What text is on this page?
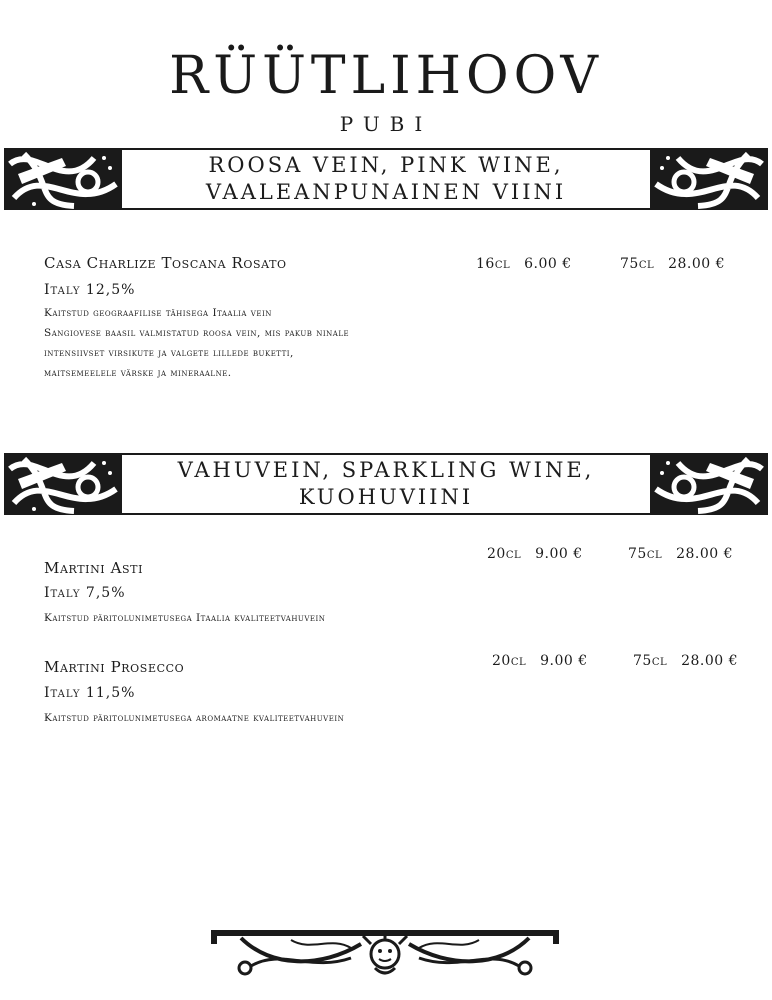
RÜÜTLIHOOV
PUBI
ROOSA VEIN, PINK WINE,
VAALEANPUNAINEN VIINI
Casa Charlize Toscana Rosato	16cl 6.00 €	75cl 28.00 €
Italy 12,5%
Kaitstud geograafilise tähisega Itaalia vein
Sangiovese baasil valmistatud roosa vein, mis pakub ninale
intensiivset virsikute ja valgete lillede buketti,
maitsemeelele värske ja mineraalne.
VAHUVEIN, SPARKLING WINE,
KUOHUVIINI
20cl 9.00 €	75cl 28.00 €
Martini Asti
Italy 7,5%
Kaitstud päritolunimetusega Itaalia kvaliteetvahuvein
20cl 9.00 €	75cl 28.00 €
Martini Prosecco
Italy 11,5%
Kaitstud päritolunimetusega aromaatne kvaliteetvahuvein
